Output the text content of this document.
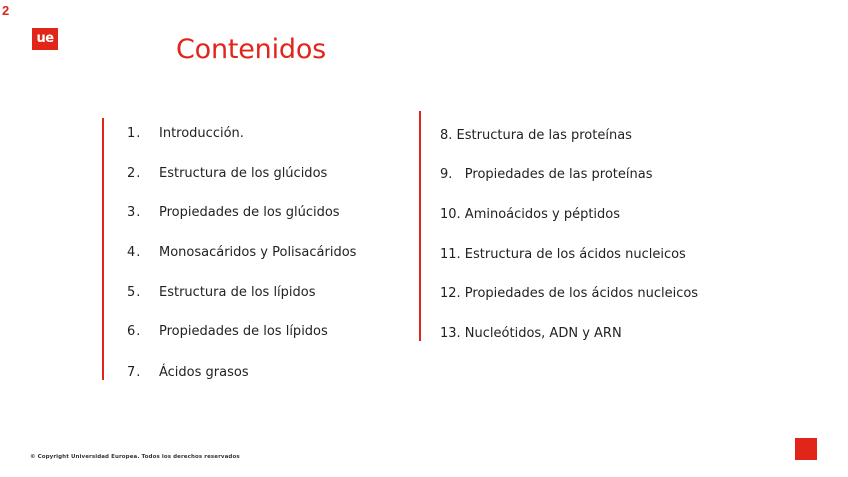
2
ue	Contenidos
1.	Introducción.
2.	Estructura de los glúcidos
3.	Propiedades de los glúcidos
4.	Monosacáridos y Polisacáridos
5.	Estructura de los lípidos
6.	Propiedades de los lípidos
7.	Ácidos grasos
8. Estructura de las proteínas
9.   Propiedades de las proteínas
10. Aminoácidos y péptidos
11. Estructura de los ácidos nucleicos
12. Propiedades de los ácidos nucleicos
13. Nucleótidos, ADN y ARN
© Copyright Universidad Europea. Todos los derechos reservados
